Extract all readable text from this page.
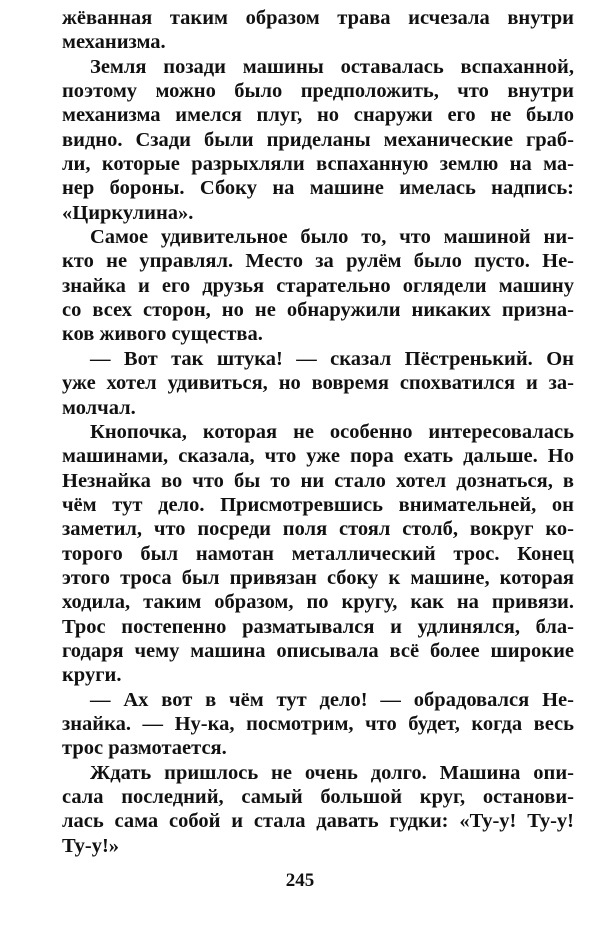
жёванная таким образом трава исчезала внутри
механизма.
Земля позади машины оставалась вспаханной,
поэтому можно было предположить, что внутри
механизма имелся плуг, но снаружи его не было
видно. Сзади были приделаны механические граб-
ли, которые разрыхляли вспаханную землю на ма-
нер бороны. Сбоку на машине имелась надпись:
«Циркулина».
Самое удивительное было то, что машиной ни-
кто не управлял. Место за рулём было пусто. Не-
знайка и его друзья старательно оглядели машину
со всех сторон, но не обнаружили никаких призна-
ков живого существа.
— Вот так штука! — сказал Пёстренький. Он
уже хотел удивиться, но вовремя спохватился и за-
молчал.
Кнопочка, которая не особенно интересовалась
машинами, сказала, что уже пора ехать дальше. Но
Незнайка во что бы то ни стало хотел дознаться, в
чём тут дело. Присмотревшись внимательней, он
заметил, что посреди поля стоял столб, вокруг ко-
торого был намотан металлический трос. Конец
этого троса был привязан сбоку к машине, которая
ходила, таким образом, по кругу, как на привязи.
Трос постепенно разматывался и удлинялся, бла-
годаря чему машина описывала всё более широкие
круги.
— Ах вот в чём тут дело! — обрадовался Не-
знайка. — Ну-ка, посмотрим, что будет, когда весь
трос размотается.
Ждать пришлось не очень долго. Машина опи-
сала последний, самый большой круг, останови-
лась сама собой и стала давать гудки: «Ту-у! Ту-у!
Ту-у!»
245
